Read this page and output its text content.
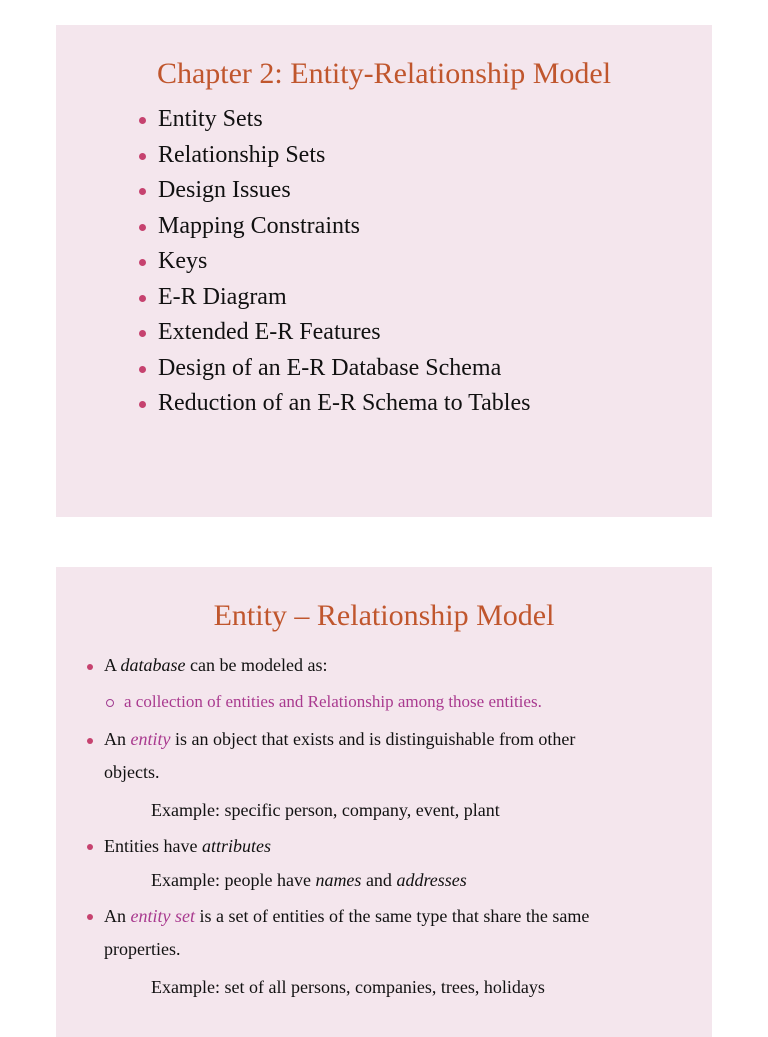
Chapter 2: Entity-Relationship Model
Entity Sets
Relationship Sets
Design Issues
Mapping Constraints
Keys
E-R Diagram
Extended E-R Features
Design of an E-R Database Schema
Reduction of an E-R Schema to Tables
Entity – Relationship Model
A database can be modeled as:
a collection of entities and Relationship among those entities.
An entity is an object that exists and is distinguishable from other
objects.
Example: specific person, company, event, plant
Entities have attributes
Example: people have names and addresses
An entity set is a set of entities of the same type that share the same
properties.
Example: set of all persons, companies, trees, holidays
